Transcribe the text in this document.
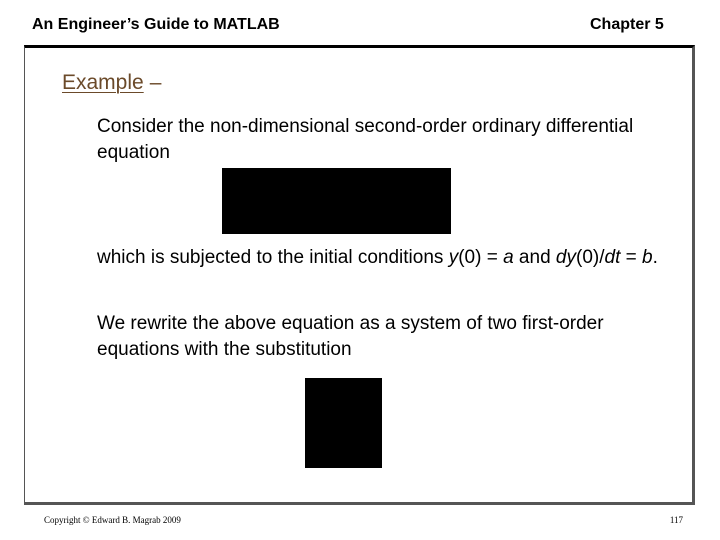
An Engineer’s Guide to MATLAB	Chapter 5
Example –
Consider the non-dimensional second-order ordinary differential equation
which is subjected to the initial conditions y(0) = a and dy(0)/dt = b.
We rewrite the above equation as a system of two first-order equations with the substitution
Copyright © Edward B. Magrab 2009	117
